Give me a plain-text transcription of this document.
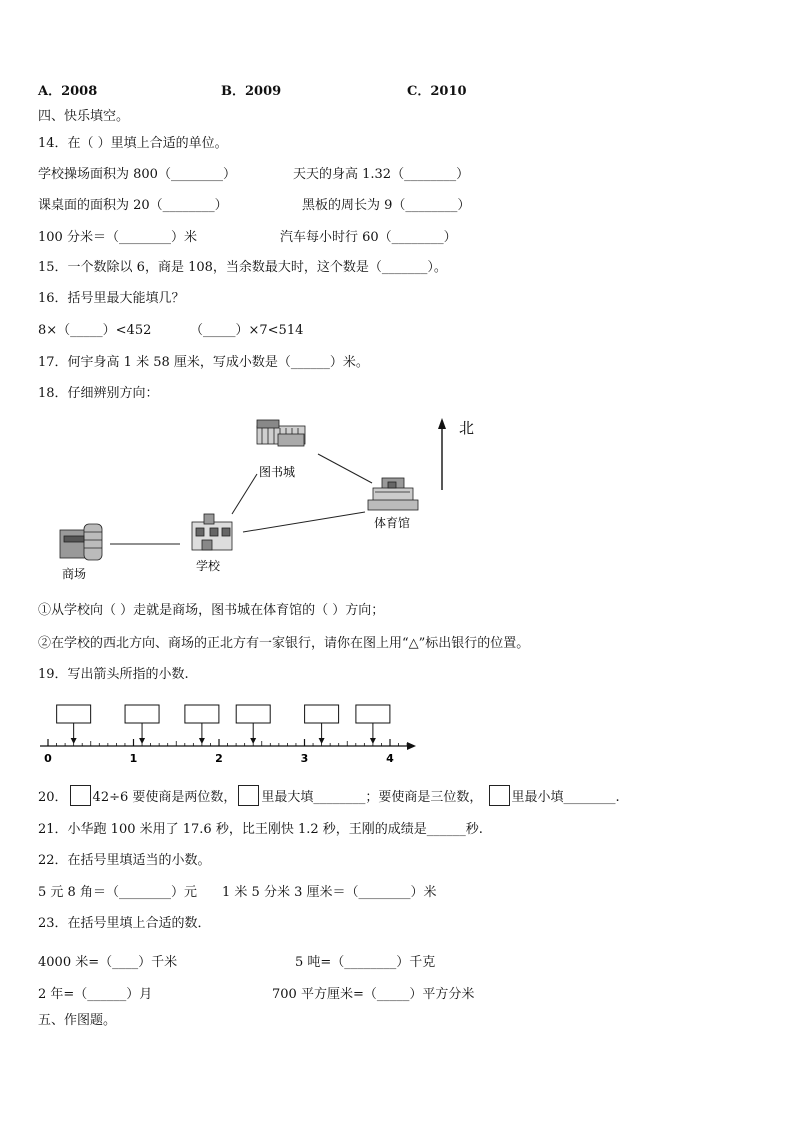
A．2008	B．2009	C．2010
四、快乐填空。
14．在（ ）里填上合适的单位。
学校操场面积为 800（________）	天天的身高 1.32（________）
课桌面的面积为 20（________）	黑板的周长为 9（________）
100 分米＝（________）米	汽车每小时行 60（________）
15．一个数除以 6，商是 108，当余数最大时，这个数是（_______）。
16．括号里最大能填几？
8×（_____）<452	（_____）×7<514
17．何宇身高 1 米 58 厘米，写成小数是（______）米。
18．仔细辨别方向：
北
图书城
体育馆
学校
商场
①从学校向（ ）走就是商场，图书城在体育馆的（ ）方向；
②在学校的西北方向、商场的正北方有一家银行，请你在图上用“△”标出银行的位置。
19．写出箭头所指的小数.
0	1	2	3	4
20． 42÷6 要使商是两位数， 里最大填________；要使商是三位数， 里最小填________.
21．小华跑 100 米用了 17.6 秒，比王刚快 1.2 秒，王刚的成绩是______秒.
22．在括号里填适当的小数。
5 元 8 角＝（________）元 1 米 5 分米 3 厘米＝（________）米
23．在括号里填上合适的数．
4000 米=（____）千米	5 吨=（________）千克
2 年=（______）月	700 平方厘米=（_____）平方分米
五、作图题。
